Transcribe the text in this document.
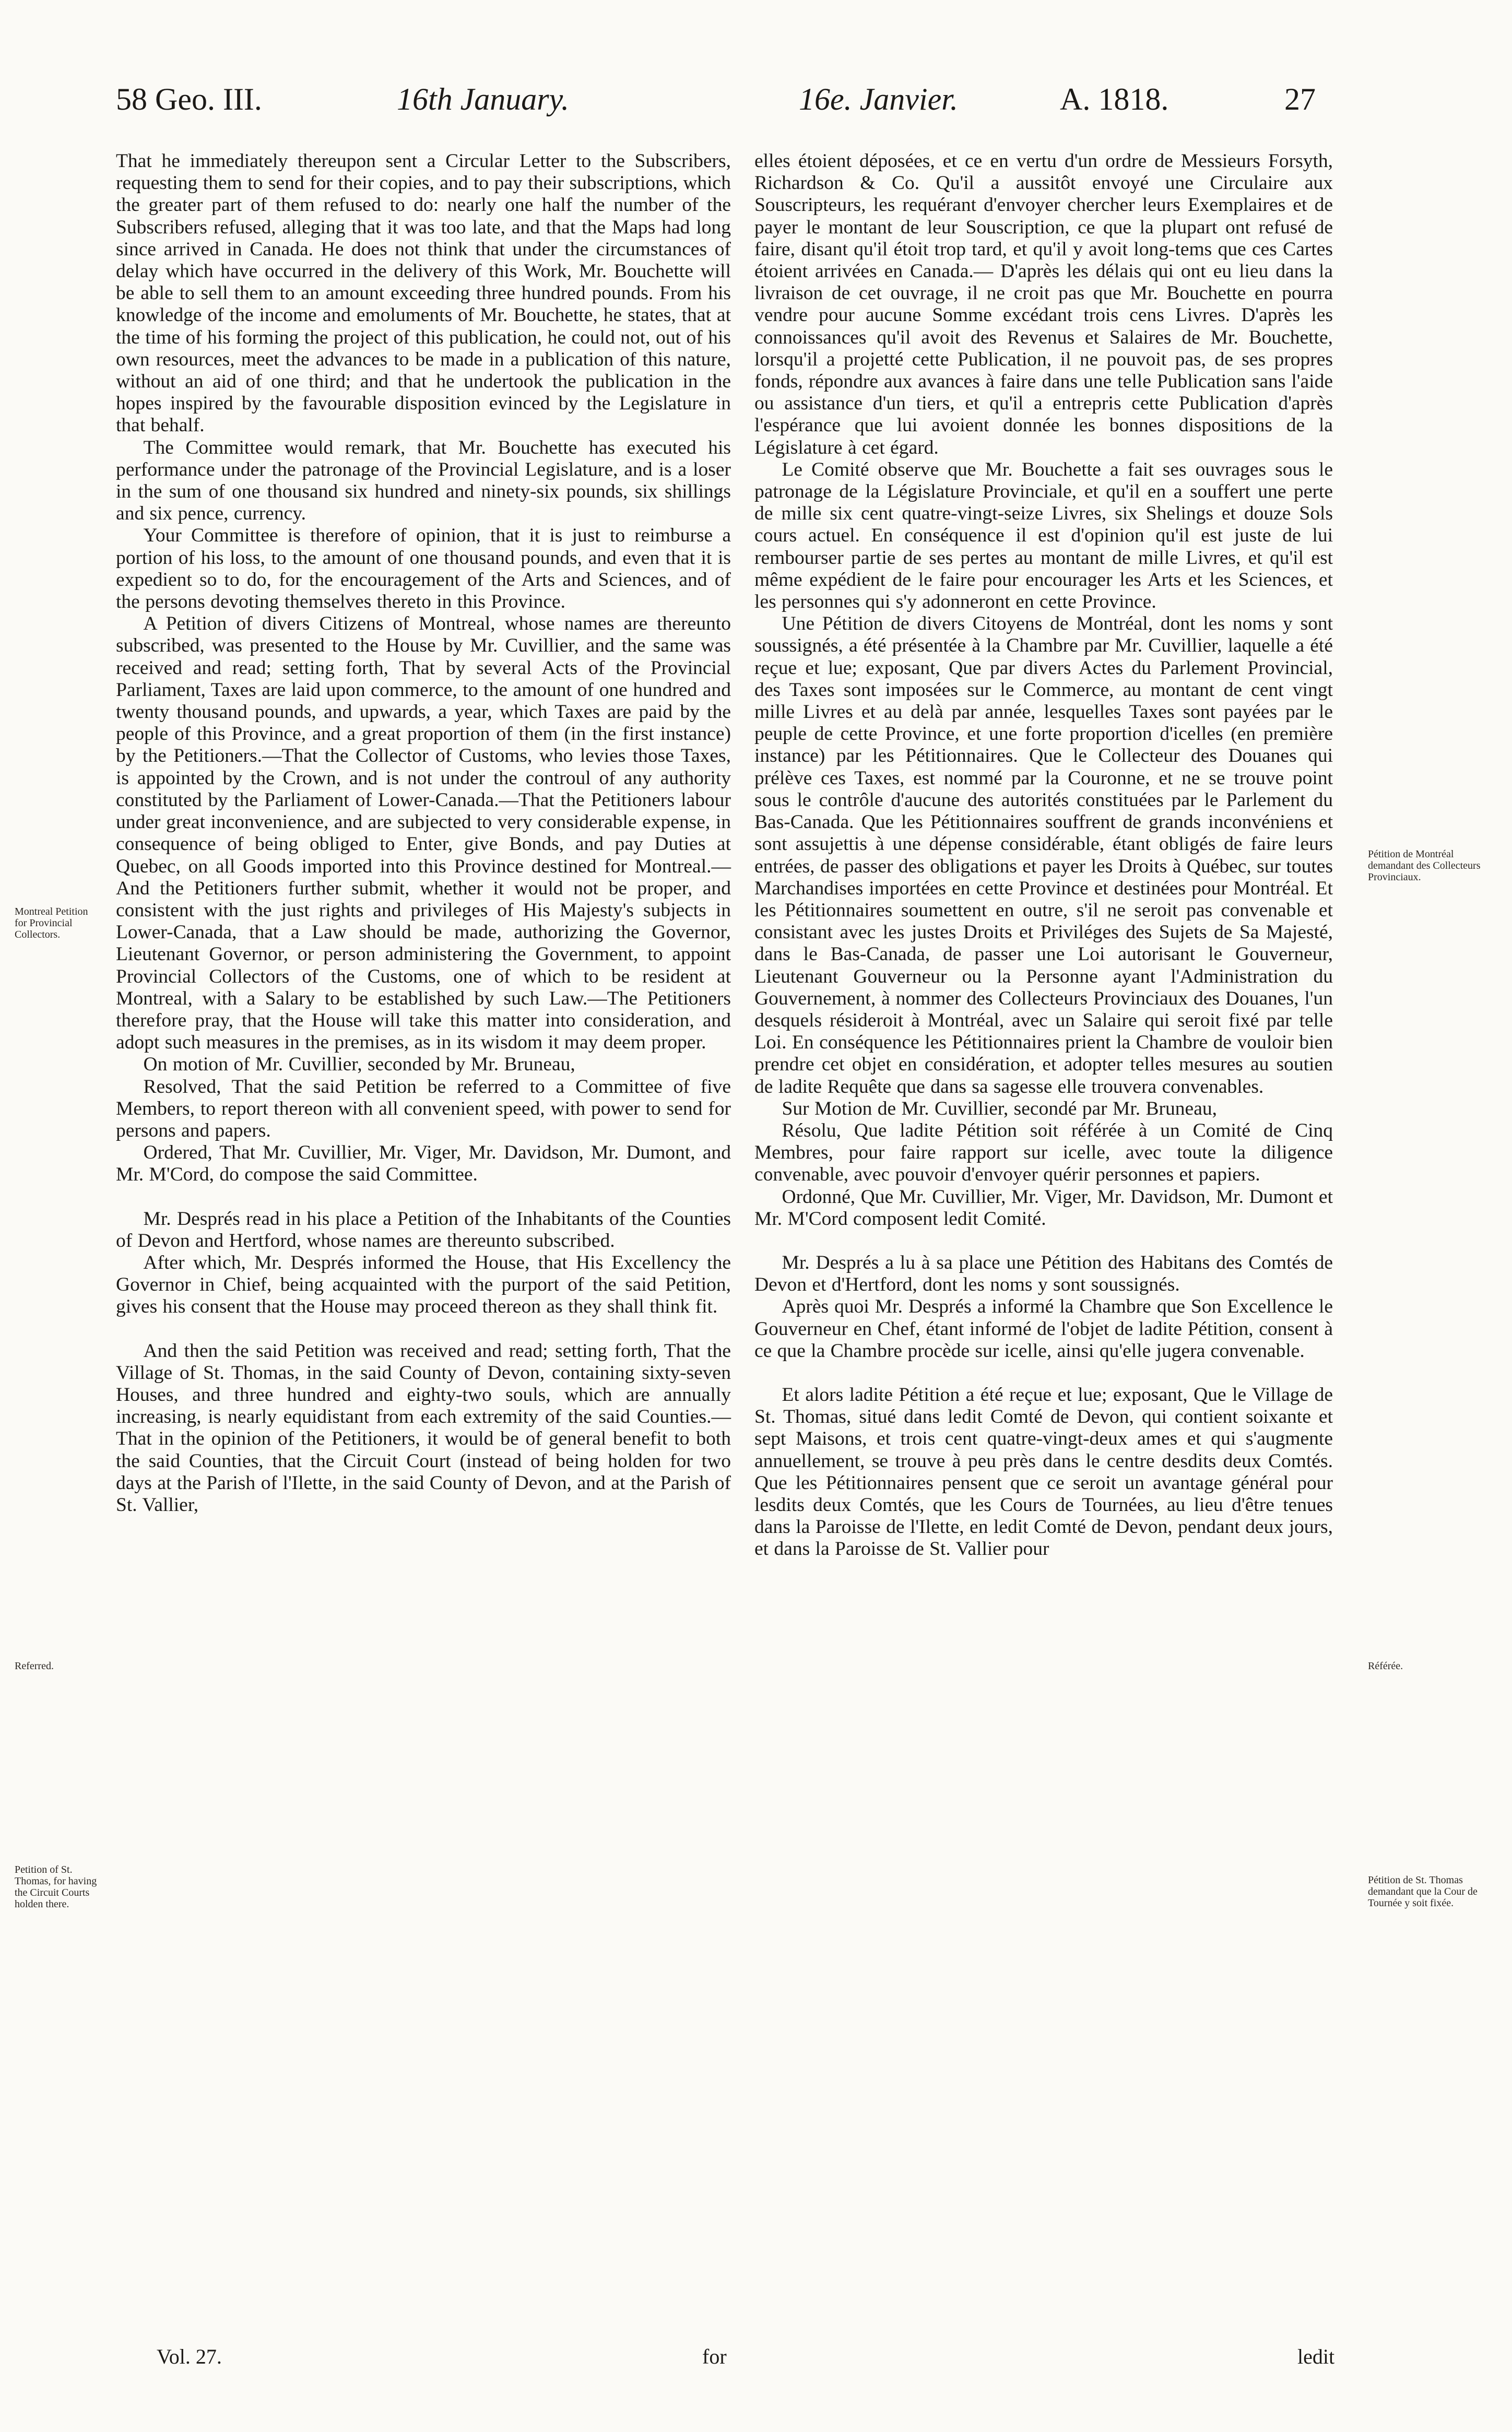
58 Geo. III.	16th January.	16e. Janvier.	A. 1818.	27

That he immediately thereupon sent a Circular Letter to the Subscribers, requesting them to send for their copies, and to pay their subscriptions, which the greater part of them refused to do: nearly one half the number of the Subscribers refused, alleging that it was too late, and that the Maps had long since arrived in Canada. He does not think that under the circumstances of delay which have occurred in the delivery of this Work, Mr. Bouchette will be able to sell them to an amount exceeding three hundred pounds. From his knowledge of the income and emoluments of Mr. Bouchette, he states, that at the time of his forming the project of this publication, he could not, out of his own resources, meet the advances to be made in a publication of this nature, without an aid of one third; and that he undertook the publication in the hopes inspired by the favourable disposition evinced by the Legislature in that behalf.

The Committee would remark, that Mr. Bouchette has executed his performance under the patronage of the Provincial Legislature, and is a loser in the sum of one thousand six hundred and ninety-six pounds, six shillings and six pence, currency.

Your Committee is therefore of opinion, that it is just to reimburse a portion of his loss, to the amount of one thousand pounds, and even that it is expedient so to do, for the encouragement of the Arts and Sciences, and of the persons devoting themselves thereto in this Province.

A Petition of divers Citizens of Montreal, whose names are thereunto subscribed, was presented to the House by Mr. Cuvillier, and the same was received and read; setting forth, That by several Acts of the Provincial Parliament, Taxes are laid upon commerce, to the amount of one hundred and twenty thousand pounds, and upwards, a year, which Taxes are paid by the people of this Province, and a great proportion of them (in the first instance) by the Petitioners.—That the Collector of Customs, who levies those Taxes, is appointed by the Crown, and is not under the controul of any authority constituted by the Parliament of Lower-Canada.—That the Petitioners labour under great inconvenience, and are subjected to very considerable expense, in consequence of being obliged to Enter, give Bonds, and pay Duties at Quebec, on all Goods imported into this Province destined for Montreal.—And the Petitioners further submit, whether it would not be proper, and consistent with the just rights and privileges of His Majesty's subjects in Lower-Canada, that a Law should be made, authorizing the Governor, Lieutenant Governor, or person administering the Government, to appoint Provincial Collectors of the Customs, one of which to be resident at Montreal, with a Salary to be established by such Law.—The Petitioners therefore pray, that the House will take this matter into consideration, and adopt such measures in the premises, as in its wisdom it may deem proper.

On motion of Mr. Cuvillier, seconded by Mr. Bruneau,

Resolved, That the said Petition be referred to a Committee of five Members, to report thereon with all convenient speed, with power to send for persons and papers.

Ordered, That Mr. Cuvillier, Mr. Viger, Mr. Davidson, Mr. Dumont, and Mr. M'Cord, do compose the said Committee.

Mr. Després read in his place a Petition of the Inhabitants of the Counties of Devon and Hertford, whose names are thereunto subscribed.

After which, Mr. Després informed the House, that His Excellency the Governor in Chief, being acquainted with the purport of the said Petition, gives his consent that the House may proceed thereon as they shall think fit.

And then the said Petition was received and read; setting forth, That the Village of St. Thomas, in the said County of Devon, containing sixty-seven Houses, and three hundred and eighty-two souls, which are annually increasing, is nearly equidistant from each extremity of the said Counties.—That in the opinion of the Petitioners, it would be of general benefit to both the said Counties, that the Circuit Court (instead of being holden for two days at the Parish of l'Ilette, in the said County of Devon, and at the Parish of St. Vallier,

elles étoient déposées, et ce en vertu d'un ordre de Messieurs Forsyth, Richardson & Co. Qu'il a aussitôt envoyé une Circulaire aux Souscripteurs, les requérant d'envoyer chercher leurs Exemplaires et de payer le montant de leur Souscription, ce que la plupart ont refusé de faire, disant qu'il étoit trop tard, et qu'il y avoit long-tems que ces Cartes étoient arrivées en Canada.— D'après les délais qui ont eu lieu dans la livraison de cet ouvrage, il ne croit pas que Mr. Bouchette en pourra vendre pour aucune Somme excédant trois cens Livres. D'après les connoissances qu'il avoit des Revenus et Salaires de Mr. Bouchette, lorsqu'il a projetté cette Publication, il ne pouvoit pas, de ses propres fonds, répondre aux avances à faire dans une telle Publication sans l'aide ou assistance d'un tiers, et qu'il a entrepris cette Publication d'après l'espérance que lui avoient donnée les bonnes dispositions de la Législature à cet égard.

Le Comité observe que Mr. Bouchette a fait ses ouvrages sous le patronage de la Législature Provinciale, et qu'il en a souffert une perte de mille six cent quatre-vingt-seize Livres, six Shelings et douze Sols cours actuel. En conséquence il est d'opinion qu'il est juste de lui rembourser partie de ses pertes au montant de mille Livres, et qu'il est même expédient de le faire pour encourager les Arts et les Sciences, et les personnes qui s'y adonneront en cette Province.

Une Pétition de divers Citoyens de Montréal, dont les noms y sont soussignés, a été présentée à la Chambre par Mr. Cuvillier, laquelle a été reçue et lue; exposant, Que par divers Actes du Parlement Provincial, des Taxes sont imposées sur le Commerce, au montant de cent vingt mille Livres et au delà par année, lesquelles Taxes sont payées par le peuple de cette Province, et une forte proportion d'icelles (en première instance) par les Pétitionnaires. Que le Collecteur des Douanes qui prélève ces Taxes, est nommé par la Couronne, et ne se trouve point sous le contrôle d'aucune des autorités constituées par le Parlement du Bas-Canada. Que les Pétitionnaires souffrent de grands inconvéniens et sont assujettis à une dépense considérable, étant obligés de faire leurs entrées, de passer des obligations et payer les Droits à Québec, sur toutes Marchandises importées en cette Province et destinées pour Montréal. Et les Pétitionnaires soumettent en outre, s'il ne seroit pas convenable et consistant avec les justes Droits et Priviléges des Sujets de Sa Majesté, dans le Bas-Canada, de passer une Loi autorisant le Gouverneur, Lieutenant Gouverneur ou la Personne ayant l'Administration du Gouvernement, à nommer des Collecteurs Provinciaux des Douanes, l'un desquels résideroit à Montréal, avec un Salaire qui seroit fixé par telle Loi. En conséquence les Pétitionnaires prient la Chambre de vouloir bien prendre cet objet en considération, et adopter telles mesures au soutien de ladite Requête que dans sa sagesse elle trouvera convenables.

Sur Motion de Mr. Cuvillier, secondé par Mr. Bruneau,

Résolu, Que ladite Pétition soit référée à un Comité de Cinq Membres, pour faire rapport sur icelle, avec toute la diligence convenable, avec pouvoir d'envoyer quérir personnes et papiers.

Ordonné, Que Mr. Cuvillier, Mr. Viger, Mr. Davidson, Mr. Dumont et Mr. M'Cord composent ledit Comité.

Mr. Després a lu à sa place une Pétition des Habitans des Comtés de Devon et d'Hertford, dont les noms y sont soussignés.

Après quoi Mr. Després a informé la Chambre que Son Excellence le Gouverneur en Chef, étant informé de l'objet de ladite Pétition, consent à ce que la Chambre procède sur icelle, ainsi qu'elle jugera convenable.

Et alors ladite Pétition a été reçue et lue; exposant, Que le Village de St. Thomas, situé dans ledit Comté de Devon, qui contient soixante et sept Maisons, et trois cent quatre-vingt-deux ames et qui s'augmente annuellement, se trouve à peu près dans le centre desdits deux Comtés. Que les Pétitionnaires pensent que ce seroit un avantage général pour lesdits deux Comtés, que les Cours de Tournées, au lieu d'être tenues dans la Paroisse de l'Ilette, en ledit Comté de Devon, pendant deux jours, et dans la Paroisse de St. Vallier pour

Montreal Petition for Provincial Collectors.
Referred.
Petition of St. Thomas, for having the Circuit Courts holden there.
Pétition de Montréal demandant des Collecteurs Provinciaux.
Référée.
Pétition de St. Thomas demandant que la Cour de Tournée y soit fixée.
Vol. 27.	for	ledit
